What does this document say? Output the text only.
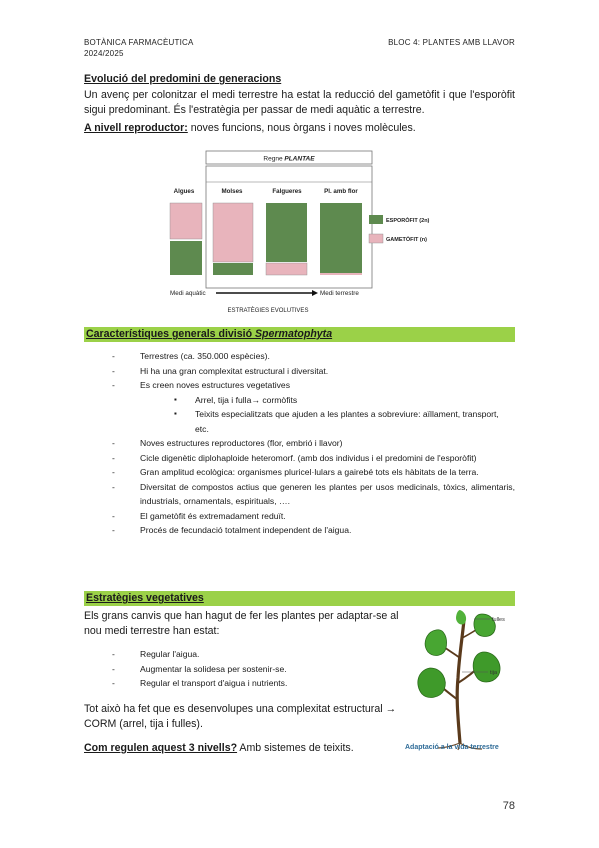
BOTÀNICA FARMACÈUTICA
2024/2025
BLOC 4: PLANTES AMB LLAVOR
Evolució del predomini de generacions
Un avenç per colonitzar el medi terrestre ha estat la reducció del gametòfit i que l'esporòfit sigui predominant. És l'estratègia per passar de medi aquàtic a terrestre.
A nivell reproductor: noves funcions, nous òrgans i noves molècules.
Regne PLANTAE
Algues	Molses	Falgueres	Pl. amb flor
ESPORÒFIT (2n)
GAMETÒFIT (n)
Medi aquàtic	Medi terrestre
ESTRATÈGIES EVOLUTIVES
Característiques generals divisió Spermatophyta
- Terrestres (ca. 350.000 espècies).
- Hi ha una gran complexitat estructural i diversitat.
- Es creen noves estructures vegetatives
▪ Arrel, tija i fulla→ cormòfits
▪ Teixits especialitzats que ajuden a les plantes a sobreviure: aïllament, transport, etc.
- Noves estructures reproductores (flor, embrió i llavor)
- Cicle digenètic diplohaploide heteromorf. (amb dos individus i el predomini de l'esporòfit)
- Gran amplitud ecològica: organismes pluricel·lulars a gairebé tots els hàbitats de la terra.
- Diversitat de compostos actius que generen les plantes per usos medicinals, tòxics, alimentaris, industrials, ornamentals, espirituals, ….
- El gametòfit és extremadament reduït.
- Procés de fecundació totalment independent de l'aigua.
Estratègies vegetatives
Els grans canvis que han hagut de fer les plantes per adaptar-se al nou medi terrestre han estat:
- Regular l'aigua.
- Augmentar la solidesa per sostenir-se.
- Regular el transport d'aigua i nutrients.
Tot això ha fet que es desenvolupes una complexitat estructural → CORM (arrel, tija i fulles).
Com regulen aquest 3 nivells? Amb sistemes de teixits.
fulles
tija
Adaptació a la vida terrestre
78
